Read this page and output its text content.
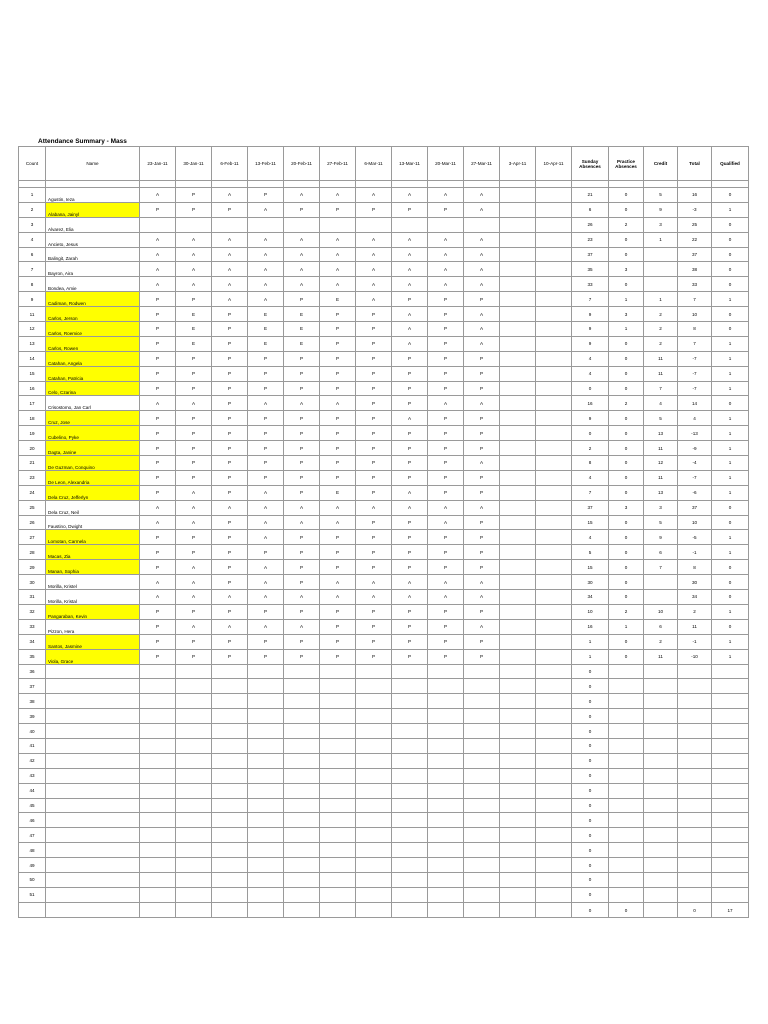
Attendance Summary - Mass
Count	Name	23-Jan-11	30-Jan-11	6-Feb-11	13-Feb-11	20-Feb-11	27-Feb-11	6-Mar-11	13-Mar-11	20-Mar-11	27-Mar-11	3-Apr-11	10-Apr-11	Sunday Absences	Practice Absences	Credit	Total	Qualified

1	Agustin, Ieza	A	P	A	P	A	A	A	A	A	A			21	0	5	16	0
2	Alabana, Jainyl	P	P	P	A	P	P	P	P	P	A			6	0	9	-3	1
3	Alvarez, Elia													26	2	3	25	0
4	Ancieto, Jesus	A	A	A	A	A	A	A	A	A	A			23	0	1	22	0
6	Balingit, Zarah	A	A	A	A	A	A	A	A	A	A			37	0		37	0
7	Bayron, Aira	A	A	A	A	A	A	A	A	A	A			35	3		38	0
8	Bondea, Amie	A	A	A	A	A	A	A	A	A	A			33	0		33	0
9	Cadiman, Rodwen	P	P	A	A	P	E	A	P	P	P			7	1	1	7	1
11	Carlos, Jerson	P	E	P	E	E	P	P	A	P	A			9	3	2	10	0
12	Carlos, Roemice	P	E	P	E	E	P	P	A	P	A			9	1	2	8	0
13	Carlos, Rowen	P	E	P	E	E	P	P	A	P	A			9	0	2	7	1
14	Catahan, Angela	P	P	P	P	P	P	P	P	P	P			4	0	11	-7	1
15	Catahan, Patricia	P	P	P	P	P	P	P	P	P	P			4	0	11	-7	1
16	Celo, Czarina	P	P	P	P	P	P	P	P	P	P			0	0	7	-7	1
17	Crisostomo, Jan Carl	A	A	P	A	A	A	P	P	A	A			16	2	4	14	0
18	Cruz, Jose	P	P	P	P	P	P	P	A	P	P			9	0	5	4	1
19	Cubelino, Pyke	P	P	P	P	P	P	P	P	P	P			0	0	13	-13	1
20	Dagta, Janine	P	P	P	P	P	P	P	P	P	P			2	0	11	-9	1
21	De Guzman, Conquino	P	P	P	P	P	P	P	P	P	A			8	0	12	-4	1
23	De Leon, Alexandria	P	P	P	P	P	P	P	P	P	P			4	0	11	-7	1
24	Dela Cruz, Jefferlyn	P	A	P	A	P	E	P	A	P	P			7	0	13	-6	1
25	Dela Cruz, Neil	A	A	A	A	A	A	A	A	A	A			37	3	3	37	0
26	Faustino, Dwight	A	A	P	A	A	A	P	P	A	P			15	0	5	10	0
27	Lomotan, Carmela	P	P	P	A	P	P	P	P	P	P			4	0	9	-5	1
28	Macas, Zia	P	P	P	P	P	P	P	P	P	P			5	0	6	-1	1
29	Manan, Sophia	P	A	P	A	P	P	P	P	P	P			15	0	7	8	0
30	Morilla, Kristel	A	A	P	A	P	A	A	A	A	A			30	0		30	0
31	Morilla, Kristal	A	A	A	A	A	A	A	A	A	A			34	0		34	0
32	Pangaraban, Kevin	P	P	P	P	P	P	P	P	P	P			10	2	10	2	1
33	Pizzon, Hera	P	A	A	A	A	P	P	P	P	A			16	1	6	11	0
34	Santos, Jasmine	P	P	P	P	P	P	P	P	P	P			1	0	2	-1	1
35	Viola, Grace	P	P	P	P	P	P	P	P	P	P			1	0	11	-10	1
36														0				
37														0				
38														0				
39														0				
40														0				
41														0				
42														0				
43														0				
44														0				
45														0				
46														0				
47														0				
48														0				
49														0				
50														0				
51														0				
														0	0		0	17
